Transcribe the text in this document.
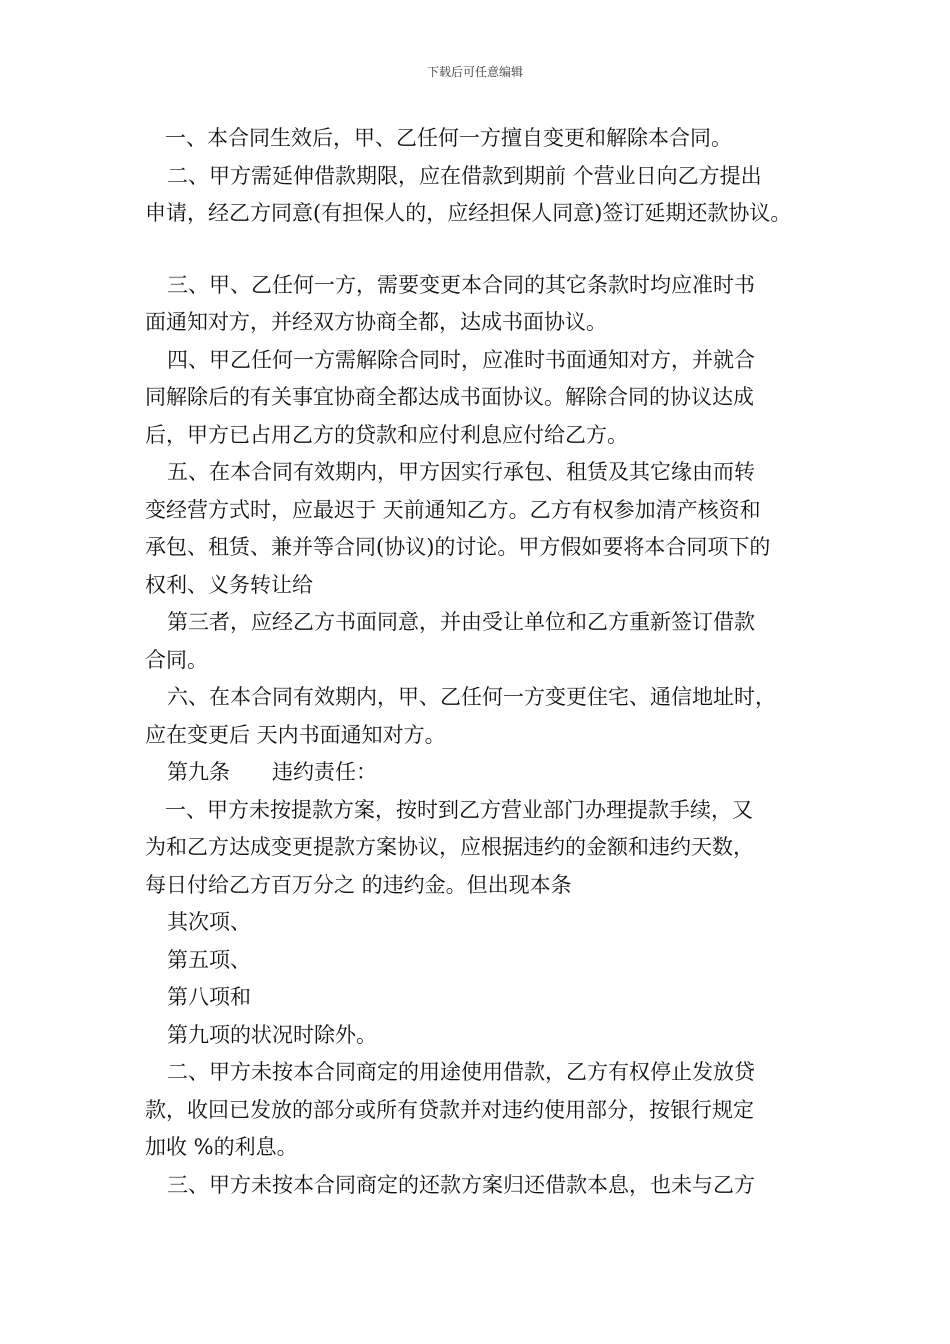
下载后可任意编辑
一、本合同生效后，甲、乙任何一方擅自变更和解除本合同。
二、甲方需延伸借款期限，应在借款到期前 个营业日向乙方提出
申请，经乙方同意(有担保人的，应经担保人同意)签订延期还款协议。
三、甲、乙任何一方，需要变更本合同的其它条款时均应准时书
面通知对方，并经双方协商全都，达成书面协议。
四、甲乙任何一方需解除合同时，应准时书面通知对方，并就合
同解除后的有关事宜协商全都达成书面协议。解除合同的协议达成
后，甲方已占用乙方的贷款和应付利息应付给乙方。
五、在本合同有效期内，甲方因实行承包、租赁及其它缘由而转
变经营方式时，应最迟于 天前通知乙方。乙方有权参加清产核资和
承包、租赁、兼并等合同(协议)的讨论。甲方假如要将本合同项下的
权利、义务转让给
第三者，应经乙方书面同意，并由受让单位和乙方重新签订借款
合同。
六、在本合同有效期内，甲、乙任何一方变更住宅、通信地址时，
应在变更后 天内书面通知对方。
第九条 违约责任：
一、甲方未按提款方案，按时到乙方营业部门办理提款手续，又
为和乙方达成变更提款方案协议，应根据违约的金额和违约天数，
每日付给乙方百万分之 的违约金。但出现本条
其次项、
第五项、
第八项和
第九项的状况时除外。
二、甲方未按本合同商定的用途使用借款，乙方有权停止发放贷
款，收回已发放的部分或所有贷款并对违约使用部分，按银行规定
加收 %的利息。
三、甲方未按本合同商定的还款方案归还借款本息，也未与乙方
